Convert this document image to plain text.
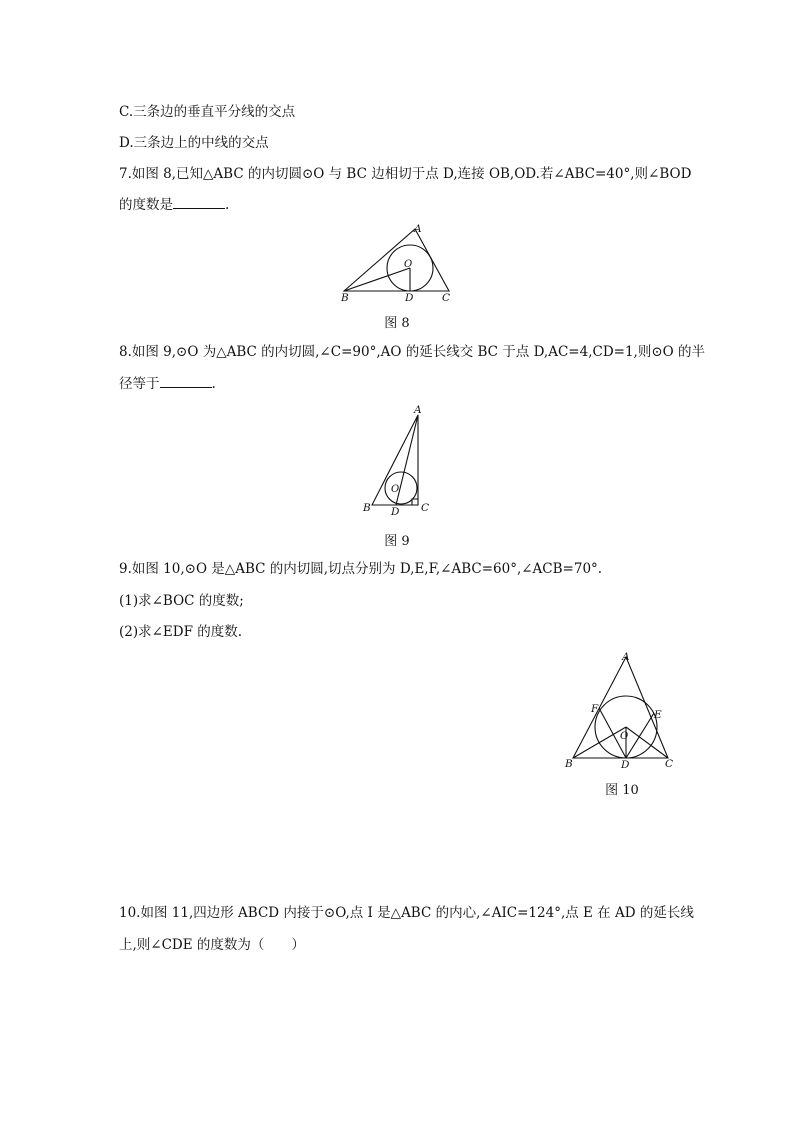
C.三条边的垂直平分线的交点
D.三条边上的中线的交点
7.如图 8,已知△ABC 的内切圆⊙O 与 BC 边相切于点 D,连接 OB,OD.若∠ABC=40°,则∠BOD
的度数是	.
A
O
B	D	C
图 8
8.如图 9,⊙O 为△ABC 的内切圆,∠C=90°,AO 的延长线交 BC 于点 D,AC=4,CD=1,则⊙O 的半
径等于	.
A
O
B D C
图 9
9.如图 10,⊙O 是△ABC 的内切圆,切点分别为 D,E,F,∠ABC=60°,∠ACB=70°.
(1)求∠BOC 的度数;
(2)求∠EDF 的度数.
A
F	E
O
B	D	C
图 10
10.如图 11,四边形 ABCD 内接于⊙O,点 I 是△ABC 的内心,∠AIC=124°,点 E 在 AD 的延长线
上,则∠CDE 的度数为（　　）
